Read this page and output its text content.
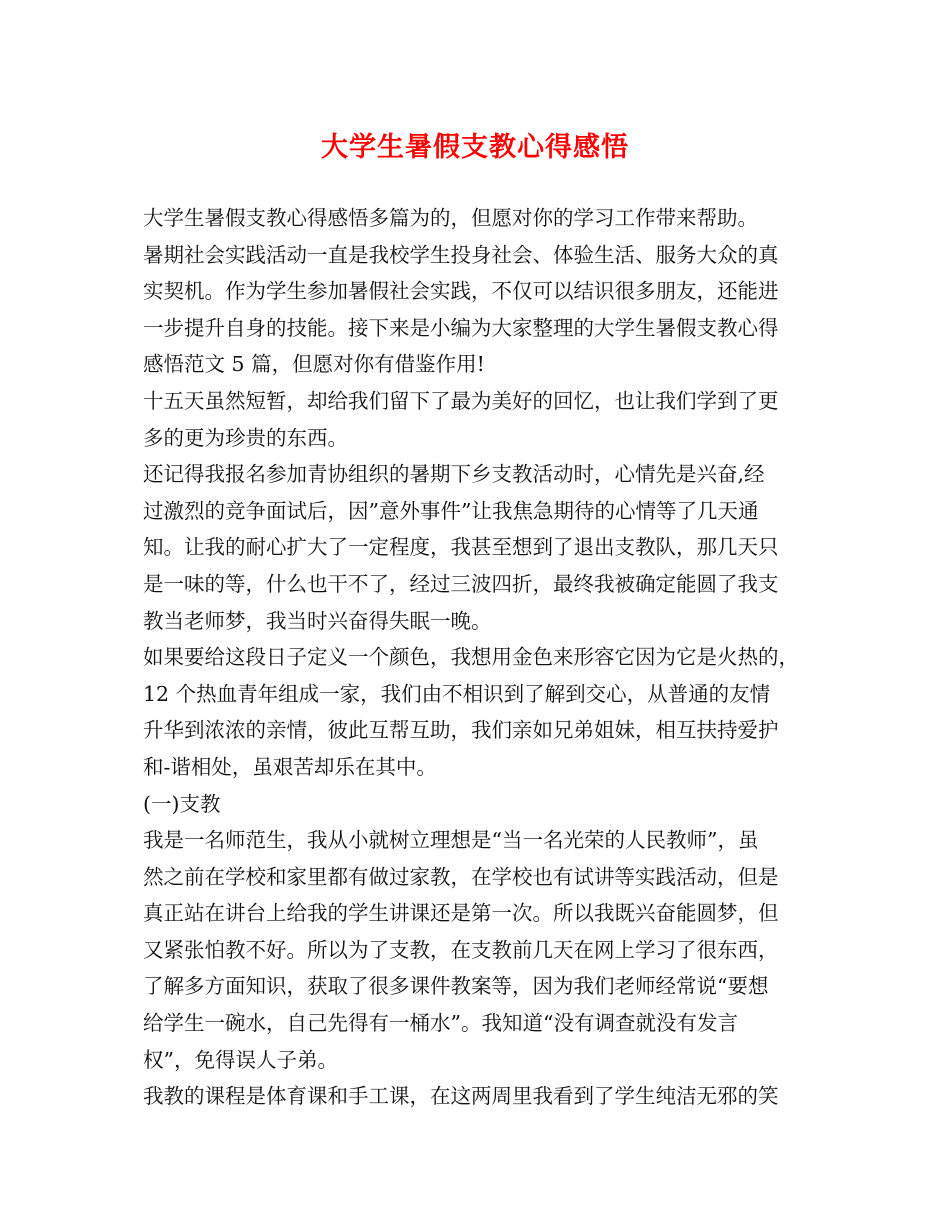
大学生暑假支教心得感悟
大学生暑假支教心得感悟多篇为的，但愿对你的学习工作带来帮助。
暑期社会实践活动一直是我校学生投身社会、体验生活、服务大众的真
实契机。作为学生参加暑假社会实践，不仅可以结识很多朋友，还能进
一步提升自身的技能。接下来是小编为大家整理的大学生暑假支教心得
感悟范文 5 篇，但愿对你有借鉴作用!
十五天虽然短暂，却给我们留下了最为美好的回忆，也让我们学到了更
多的更为珍贵的东西。
还记得我报名参加青协组织的暑期下乡支教活动时，心情先是兴奋,经
过激烈的竞争面试后，因”意外事件”让我焦急期待的心情等了几天通
知。让我的耐心扩大了一定程度，我甚至想到了退出支教队，那几天只
是一味的等，什么也干不了，经过三波四折，最终我被确定能圆了我支
教当老师梦，我当时兴奋得失眠一晚。
如果要给这段日子定义一个颜色，我想用金色来形容它因为它是火热的，
12 个热血青年组成一家，我们由不相识到了解到交心，从普通的友情
升华到浓浓的亲情，彼此互帮互助，我们亲如兄弟姐妹，相互扶持爱护
和-谐相处，虽艰苦却乐在其中。
(一)支教
我是一名师范生，我从小就树立理想是“当一名光荣的人民教师”，虽
然之前在学校和家里都有做过家教，在学校也有试讲等实践活动，但是
真正站在讲台上给我的学生讲课还是第一次。所以我既兴奋能圆梦，但
又紧张怕教不好。所以为了支教，在支教前几天在网上学习了很东西，
了解多方面知识，获取了很多课件教案等，因为我们老师经常说“要想
给学生一碗水，自己先得有一桶水”。我知道“没有调查就没有发言
权”，免得误人子弟。
我教的课程是体育课和手工课，在这两周里我看到了学生纯洁无邪的笑
